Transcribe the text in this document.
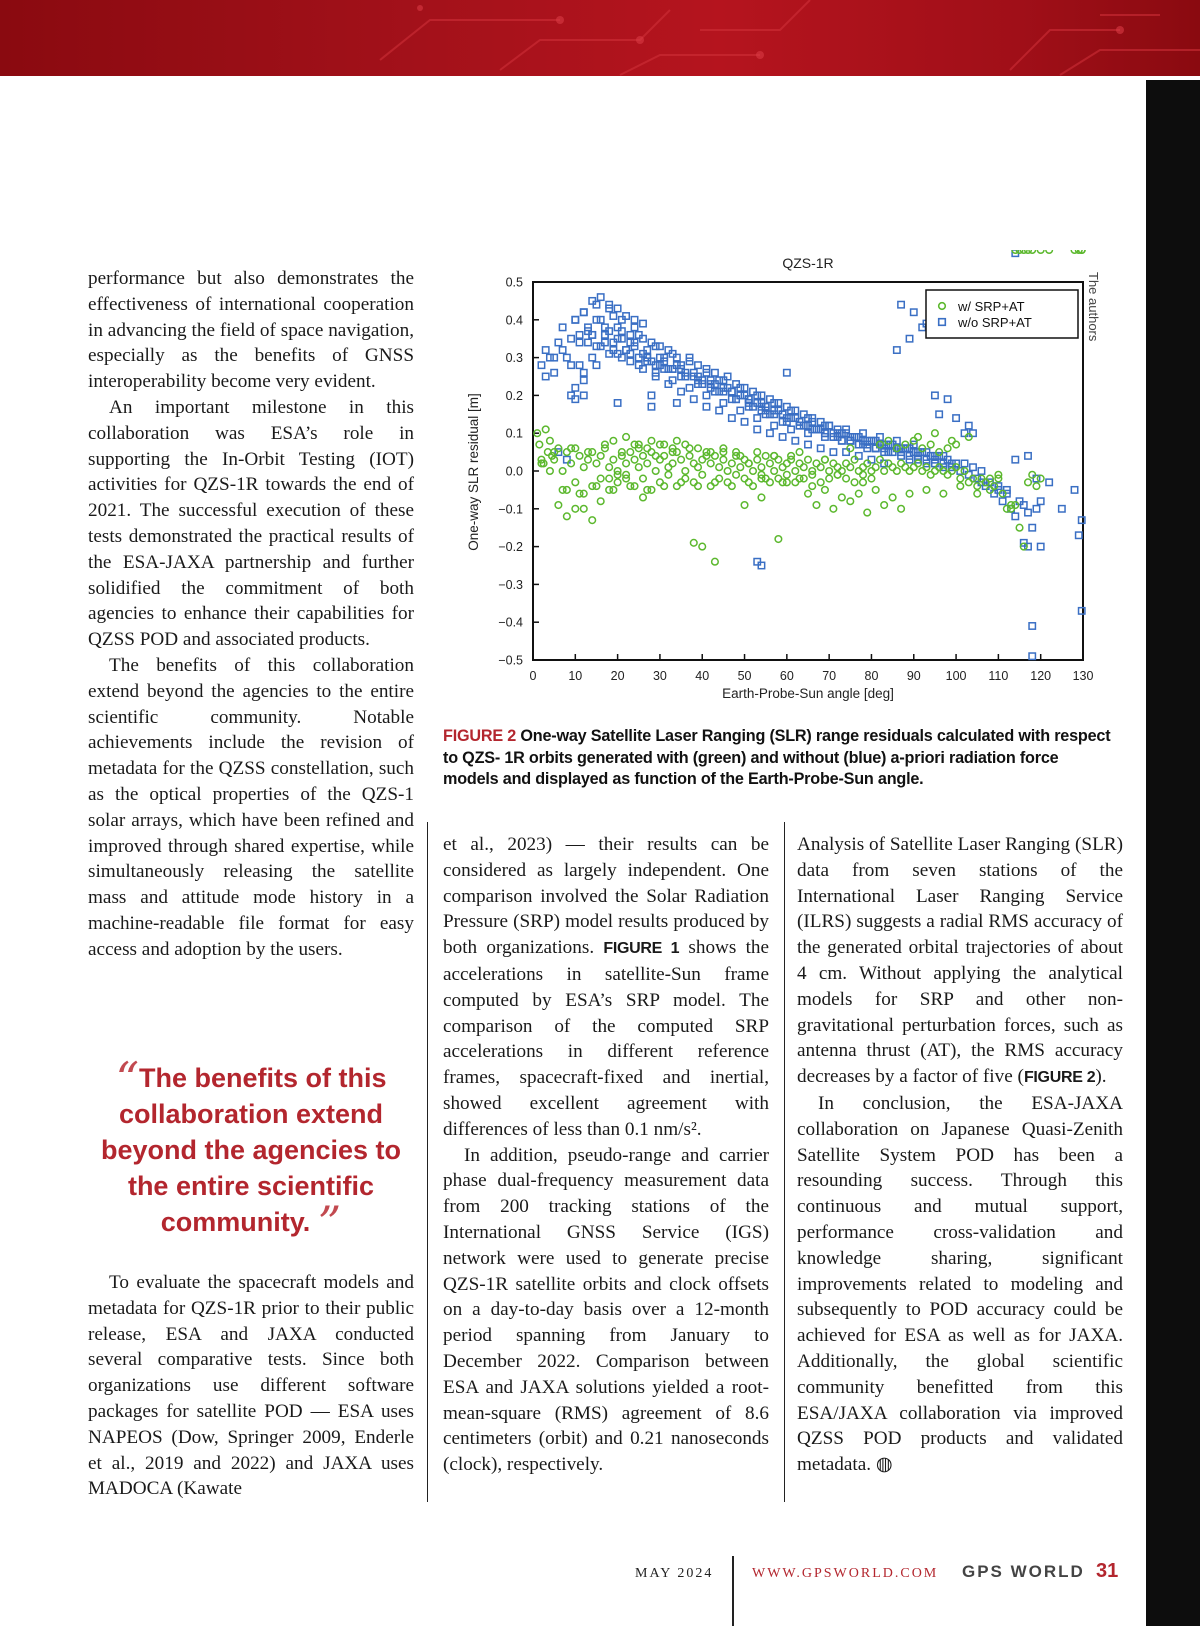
performance but also demonstrates the effectiveness of international cooperation in advancing the field of space navigation, especially as the benefits of GNSS interoperability become very evident.

An important milestone in this collaboration was ESA’s role in supporting the In-Orbit Testing (IOT) activities for QZS-1R towards the end of 2021. The successful execution of these tests demonstrated the practical results of the ESA-JAXA partnership and further solidified the commitment of both agencies to enhance their capabilities for QZSS POD and associated products.

The benefits of this collaboration extend beyond the agencies to the entire scientific community. Notable achievements include the revision of metadata for the QZSS constellation, such as the optical properties of the QZS-1 solar arrays, which have been refined and improved through shared expertise, while simultaneously releasing the satellite mass and attitude mode history in a machine-readable file format for easy access and adoption by the users.

“The benefits of this collaboration extend beyond the agencies to the entire scientific community. ”

To evaluate the spacecraft models and metadata for QZS-1R prior to their public release, ESA and JAXA conducted several comparative tests. Since both organizations use different software packages for satellite POD — ESA uses NAPEOS (Dow, Springer 2009, Enderle et al., 2019 and 2022) and JAXA uses MADOCA (Kawate

et al., 2023) — their results can be considered as largely independent. One comparison involved the Solar Radiation Pressure (SRP) model results produced by both organizations. FIGURE 1 shows the accelerations in satellite-Sun frame computed by ESA’s SRP model. The comparison of the computed SRP accelerations in different reference frames, spacecraft-fixed and inertial, showed excellent agreement with differences of less than 0.1 nm/s².

In addition, pseudo-range and carrier phase dual-frequency measurement data from 200 tracking stations of the International GNSS Service (IGS) network were used to generate precise QZS-1R satellite orbits and clock offsets on a day-to-day basis over a 12-month period spanning from January to December 2022. Comparison between ESA and JAXA solutions yielded a root-mean-square (RMS) agreement of 8.6 centimeters (orbit) and 0.21 nanoseconds (clock), respectively.

Analysis of Satellite Laser Ranging (SLR) data from seven stations of the International Laser Ranging Service (ILRS) suggests a radial RMS accuracy of the generated orbital trajectories of about 4 cm. Without applying the analytical models for SRP and other non-gravitational perturbation forces, such as antenna thrust (AT), the RMS accuracy decreases by a factor of five (FIGURE 2).

In conclusion, the ESA-JAXA collaboration on Japanese Quasi-Zenith Satellite System POD has been a resounding success. Through this continuous and mutual support, performance cross-validation and knowledge sharing, significant improvements related to modeling and subsequently to POD accuracy could be achieved for ESA as well as for JAXA. Additionally, the global scientific community benefitted from this ESA/JAXA collaboration via improved QZSS POD products and validated metadata. ◍

QZS-1R
0.5
0.4
0.3
0.2
0.1
0.0
−0.1
−0.2
−0.3
−0.4
−0.5
0	10 20 30 40 50 60 70 80 90 100 110 120 130
Earth-Probe-Sun angle [deg]
One-way SLR residual [m]
w/ SRP+AT
w/o SRP+AT	The authors
FIGURE 2 One-way Satellite Laser Ranging (SLR) range residuals calculated with respect to QZS- 1R orbits generated with (green) and without (blue) a-priori radiation force models and displayed as function of the Earth-Probe-Sun angle.
MAY 2024	WWW.GPSWORLD.COM GPS WORLD 31
